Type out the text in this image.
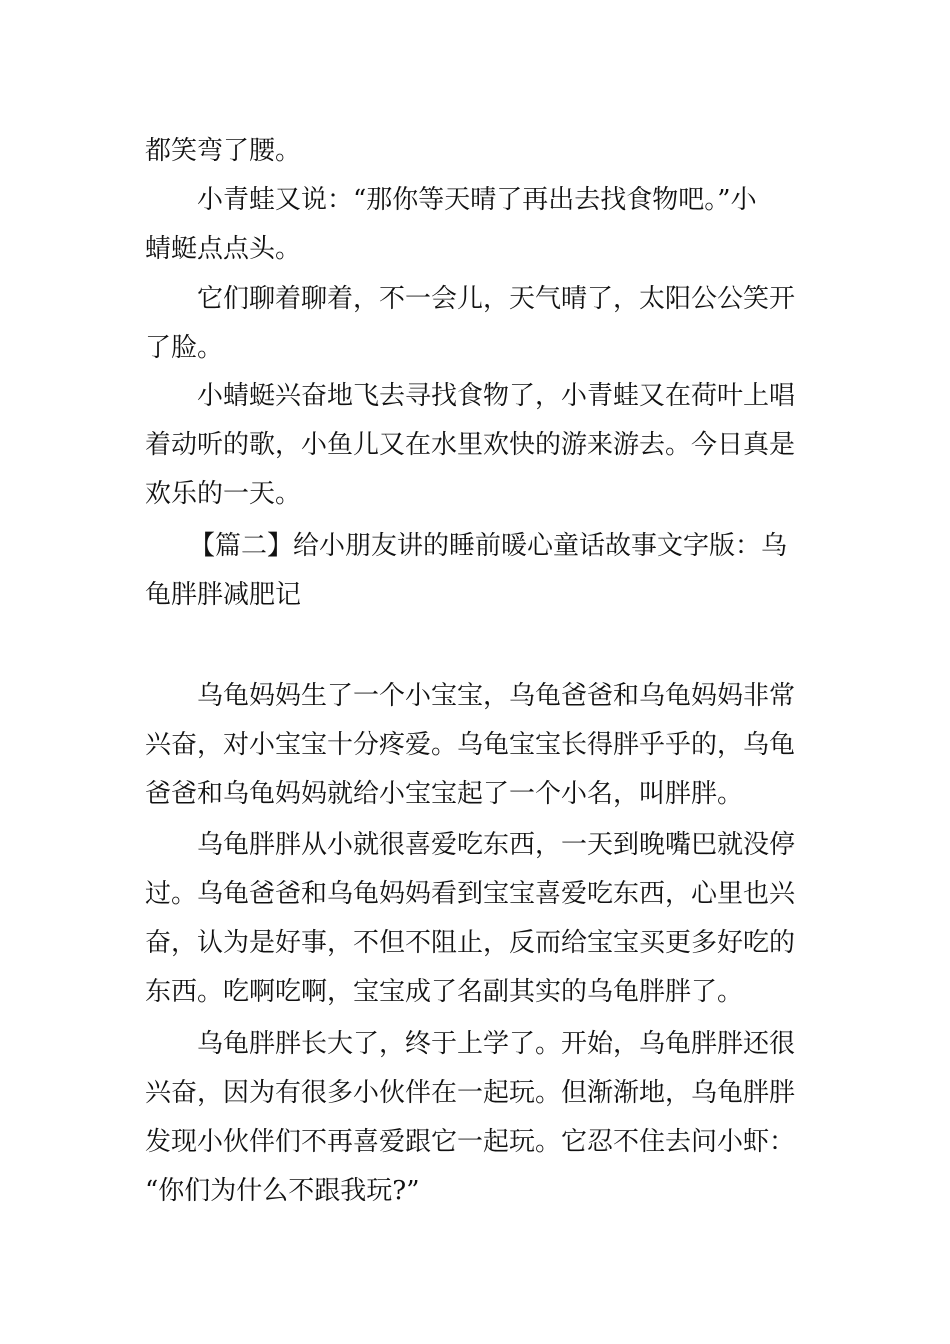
都笑弯了腰。
小青蛙又说：“那你等天晴了再出去找食物吧。”小
蜻蜓点点头。
它们聊着聊着，不一会儿，天气晴了，太阳公公笑开
了脸。
小蜻蜓兴奋地飞去寻找食物了，小青蛙又在荷叶上唱
着动听的歌，小鱼儿又在水里欢快的游来游去。今日真是
欢乐的一天。
【篇二】给小朋友讲的睡前暖心童话故事文字版：乌
龟胖胖减肥记
乌龟妈妈生了一个小宝宝，乌龟爸爸和乌龟妈妈非常
兴奋，对小宝宝十分疼爱。乌龟宝宝长得胖乎乎的，乌龟
爸爸和乌龟妈妈就给小宝宝起了一个小名，叫胖胖。
乌龟胖胖从小就很喜爱吃东西，一天到晚嘴巴就没停
过。乌龟爸爸和乌龟妈妈看到宝宝喜爱吃东西，心里也兴
奋，认为是好事，不但不阻止，反而给宝宝买更多好吃的
东西。吃啊吃啊，宝宝成了名副其实的乌龟胖胖了。
乌龟胖胖长大了，终于上学了。开始，乌龟胖胖还很
兴奋，因为有很多小伙伴在一起玩。但渐渐地，乌龟胖胖
发现小伙伴们不再喜爱跟它一起玩。它忍不住去问小虾：
“你们为什么不跟我玩?”
